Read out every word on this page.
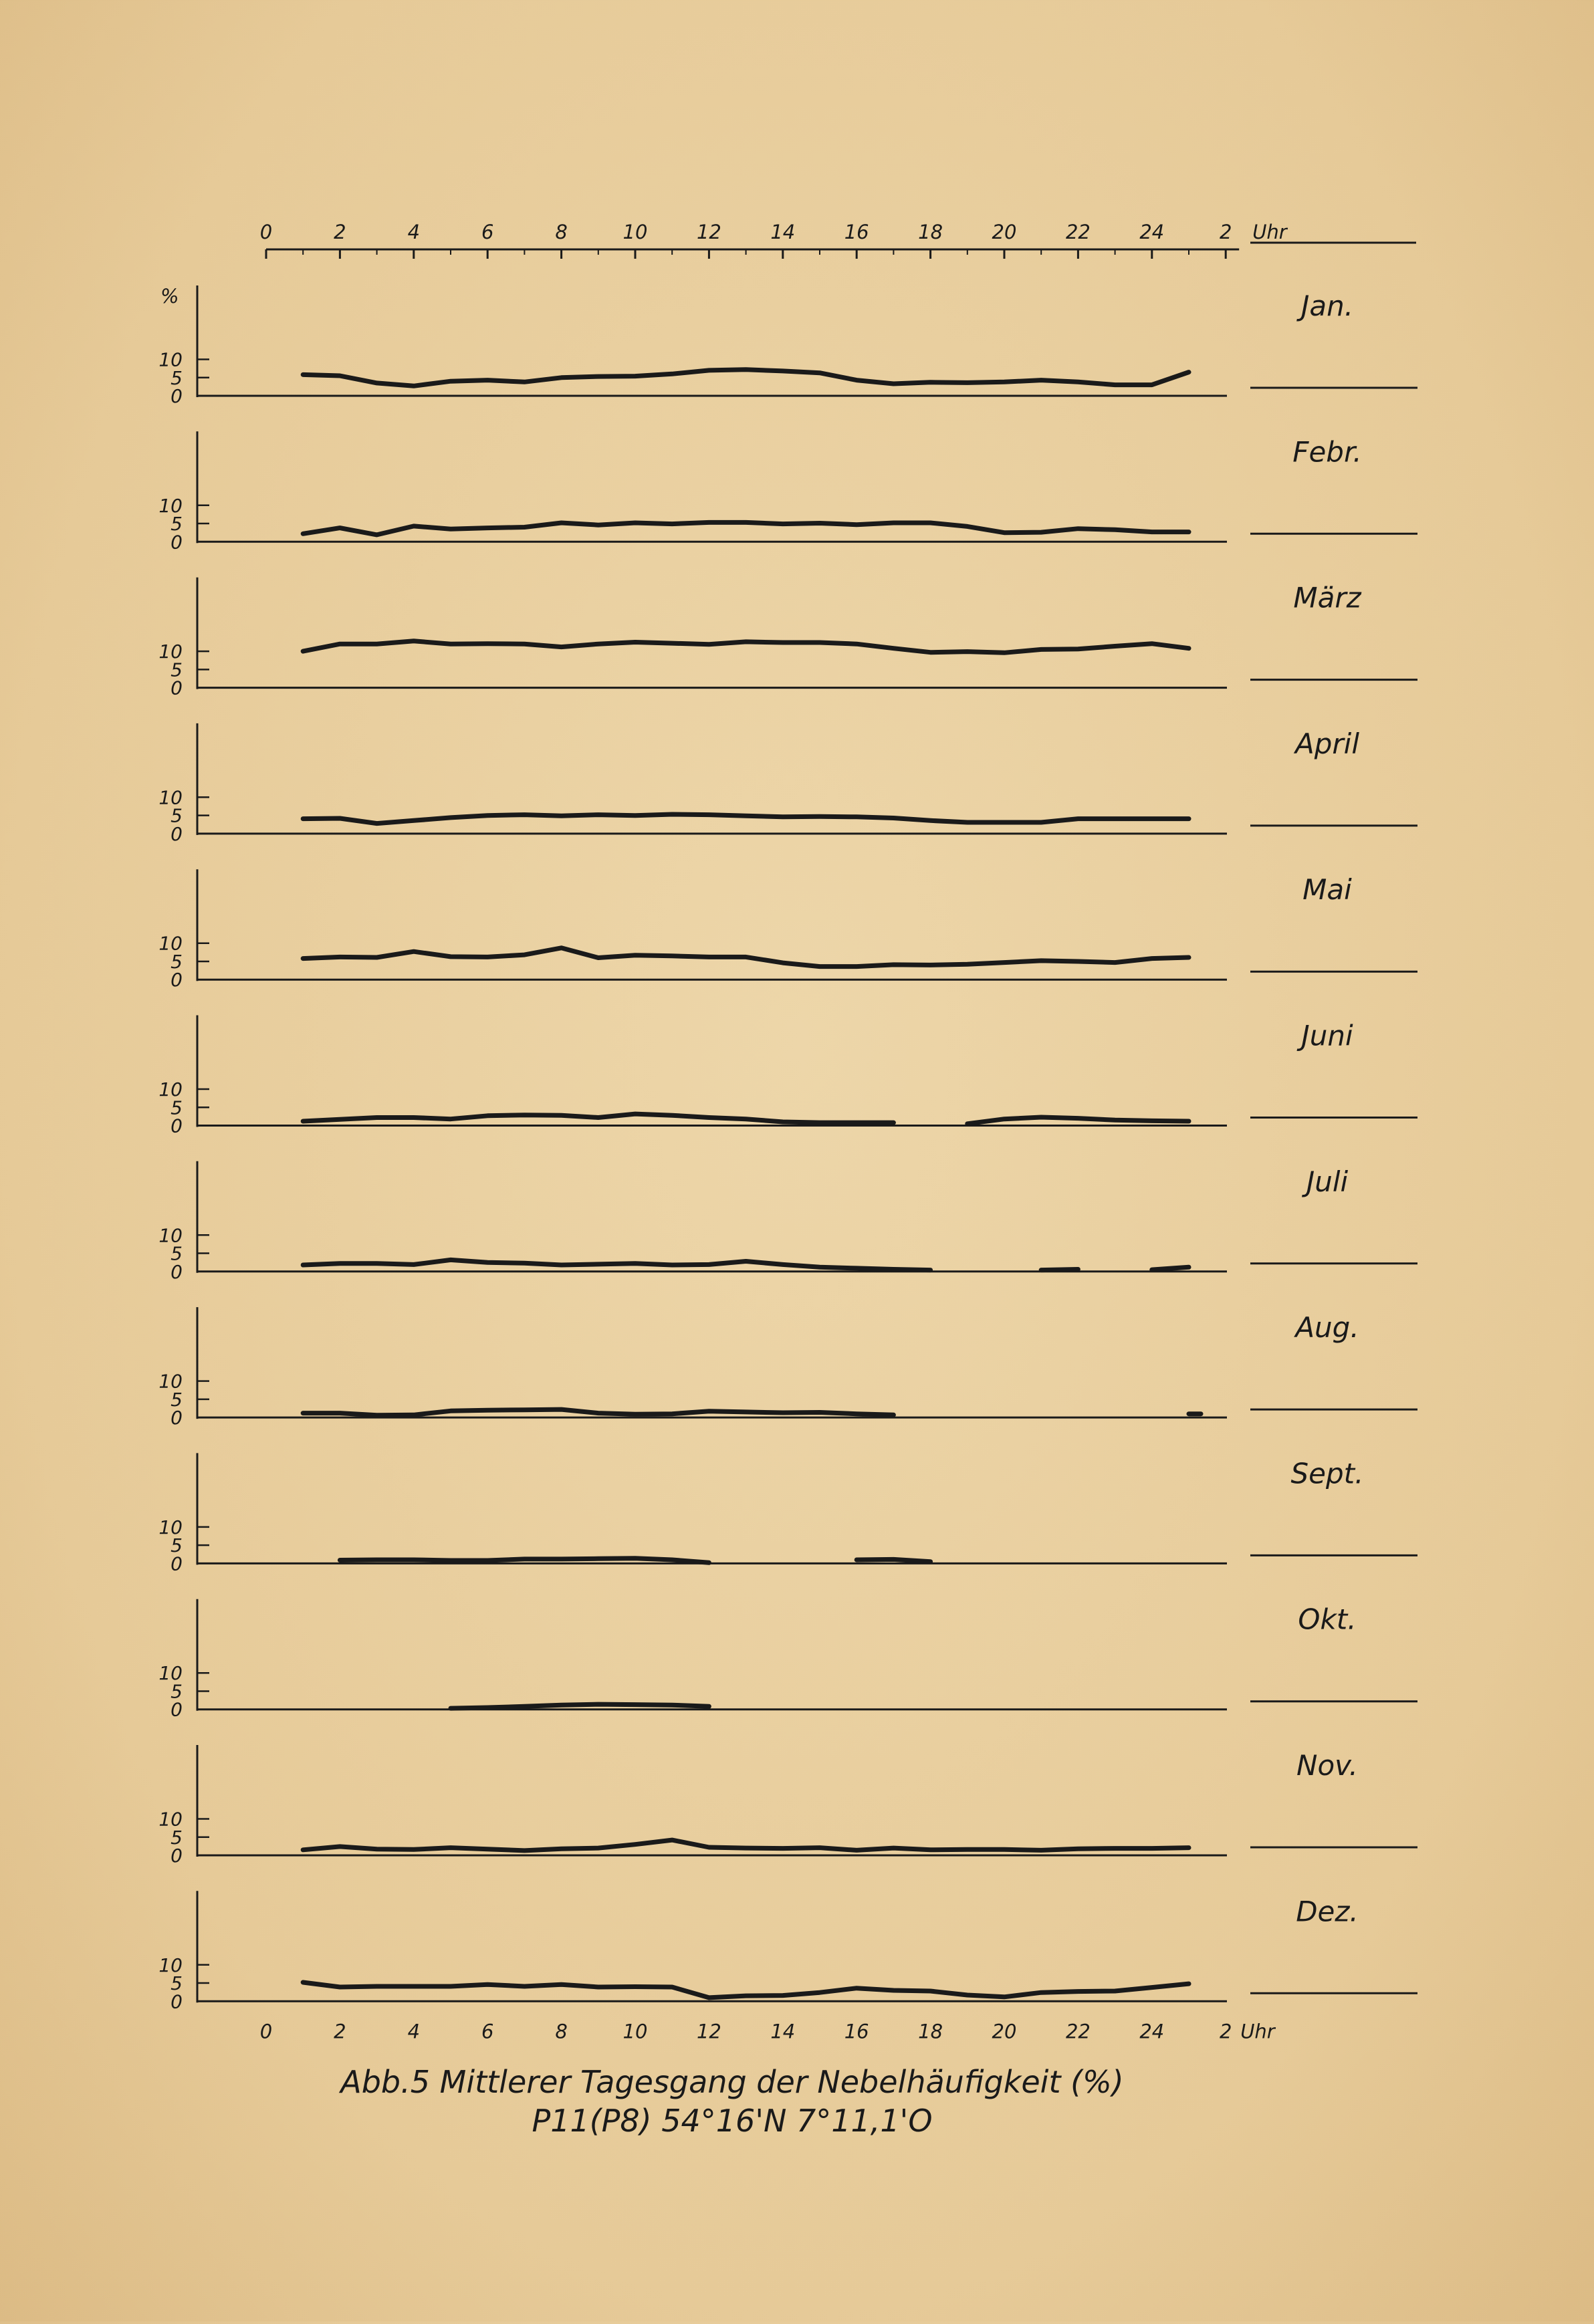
0	2	4	6	8	10	12	14	16	18	20	22	24	2 Uhr
%
0
5
10
Jan.
0
5
10
Febr.
0
5
10
März
0
5
10
April
0
5
10
Mai
0
5
10
Juni
0
5
10
Juli
0
5
10
Aug.
0
5
10
Sept.
0
5
10
Okt.
0
5
10
Nov.
0
5
10
Dez.
0	2	4	6	8	10	12	14	16	18	20	22	24	2 Uhr
Abb.5 Mittlerer Tagesgang der Nebelhäufigkeit (%)
P11(P8) 54°16'N 7°11,1'O
